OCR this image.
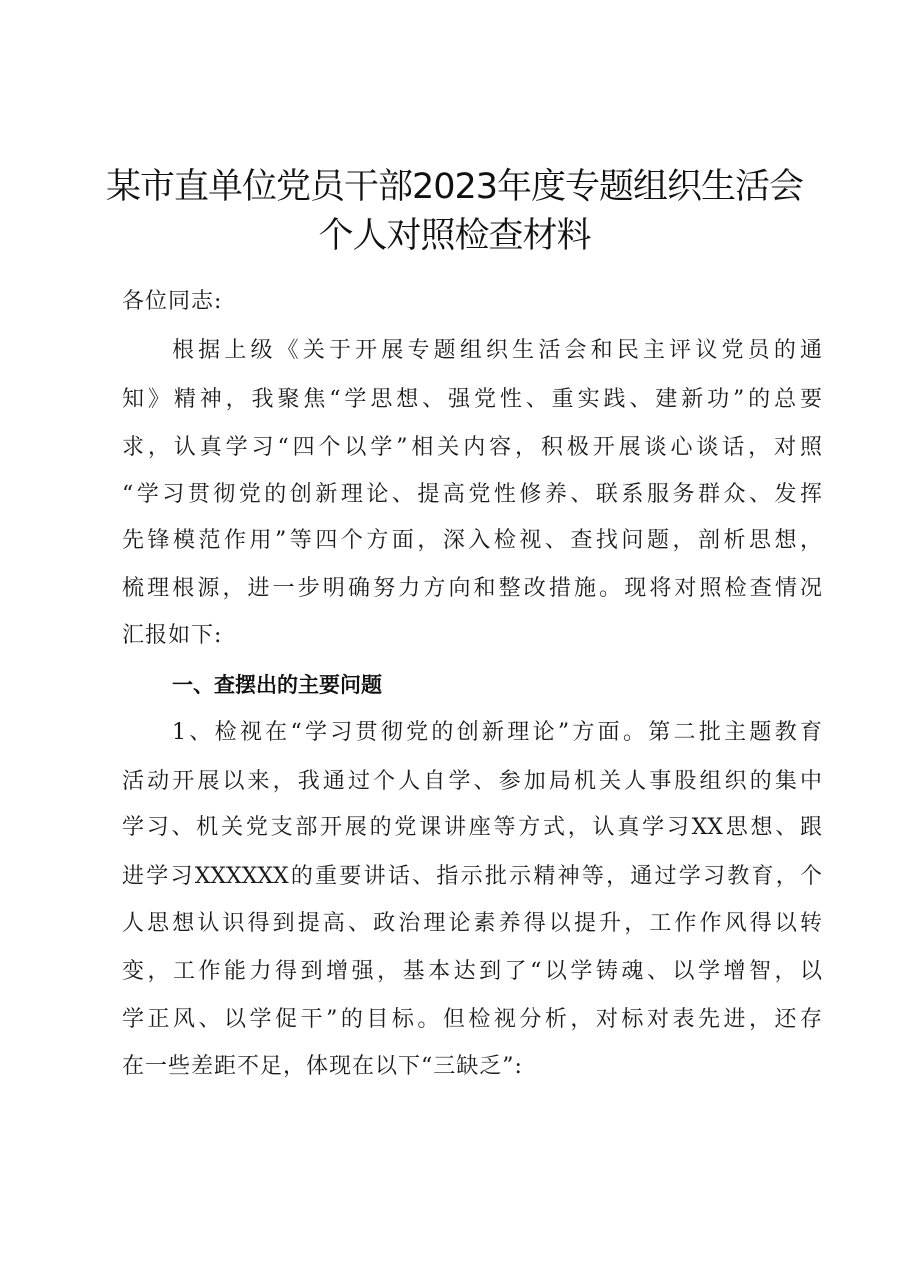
某市直单位党员干部2023年度专题组织生活会
个人对照检查材料
各位同志:
根据上级《关于开展专题组织生活会和民主评议党员的通
知》精神，我聚焦“学思想、强党性、重实践、建新功”的总要
求，认真学习“四个以学”相关内容，积极开展谈心谈话，对照
“学习贯彻党的创新理论、提高党性修养、联系服务群众、发挥
先锋模范作用”等四个方面，深入检视、查找问题，剖析思想，
梳理根源，进一步明确努力方向和整改措施。现将对照检查情况
汇报如下:
一、查摆出的主要问题
1、检视在“学习贯彻党的创新理论”方面。第二批主题教育
活动开展以来，我通过个人自学、参加局机关人事股组织的集中
学习、机关党支部开展的党课讲座等方式，认真学习XX思想、跟
进学习XXXXXX的重要讲话、指示批示精神等，通过学习教育，个
人思想认识得到提高、政治理论素养得以提升，工作作风得以转
变，工作能力得到增强，基本达到了“以学铸魂、以学增智，以
学正风、以学促干”的目标。但检视分析，对标对表先进，还存
在一些差距不足，体现在以下“三缺乏”:
